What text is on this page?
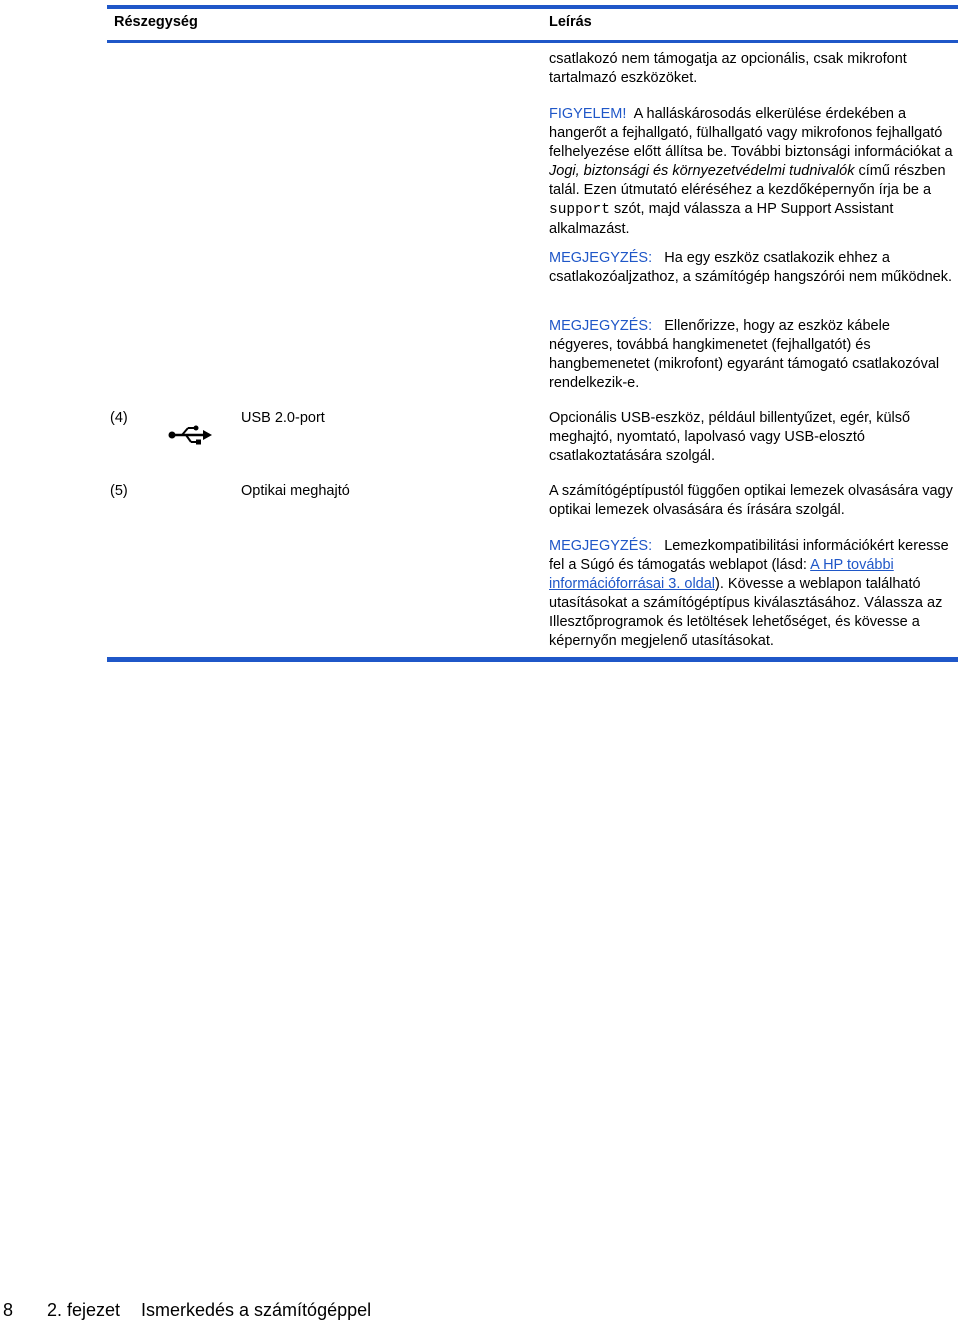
Részegység	Leírás

csatlakozó nem támogatja az opcionális, csak mikrofont tartalmazó eszközöket.

FIGYELEM! A halláskárosodás elkerülése érdekében a hangerőt a fejhallgató, fülhallgató vagy mikrofonos fejhallgató felhelyezése előtt állítsa be. További biztonsági információkat a Jogi, biztonsági és környezetvédelmi tudnivalók című részben talál. Ezen útmutató eléréséhez a kezdőképernyőn írja be a support szót, majd válassza a HP Support Assistant alkalmazást.

MEGJEGYZÉS: Ha egy eszköz csatlakozik ehhez a csatlakozóaljzathoz, a számítógép hangszórói nem működnek.

MEGJEGYZÉS: Ellenőrizze, hogy az eszköz kábele négyeres, továbbá hangkimenetet (fejhallgatót) és hangbemenetet (mikrofont) egyaránt támogató csatlakozóval rendelkezik-e.

(4)	USB 2.0-port	Opcionális USB-eszköz, például billentyűzet, egér, külső meghajtó, nyomtató, lapolvasó vagy USB-elosztó csatlakoztatására szolgál.

(5)	Optikai meghajtó	A számítógéptípustól függően optikai lemezek olvasására vagy optikai lemezek olvasására és írására szolgál.

MEGJEGYZÉS: Lemezkompatibilitási információkért keresse fel a Súgó és támogatás weblapot (lásd: A HP további információforrásai 3. oldal). Kövesse a weblapon található utasításokat a számítógéptípus kiválasztásához. Válassza az Illesztőprogramok és letöltések lehetőséget, és kövesse a képernyőn megjelenő utasításokat.

8 2. fejezet Ismerkedés a számítógéppel
